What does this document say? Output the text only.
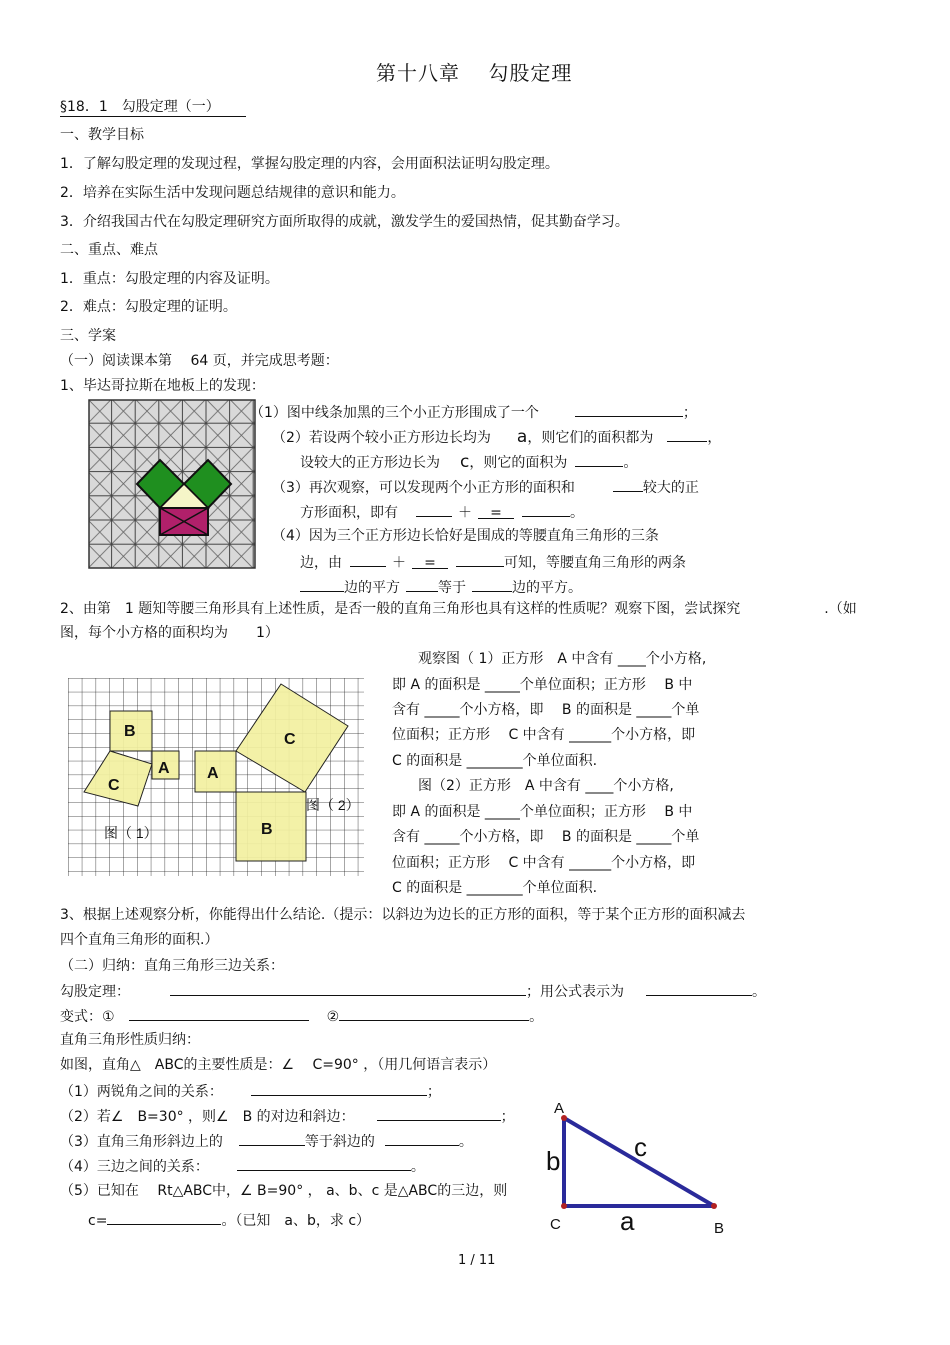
第十八章　 勾股定理
§18．1　勾股定理（一）
一、教学目标
1．了解勾股定理的发现过程，掌握勾股定理的内容，会用面积法证明勾股定理。
2．培养在实际生活中发现问题总结规律的意识和能力。
3．介绍我国古代在勾股定理研究方面所取得的成就，激发学生的爱国热情，促其勤奋学习。
二、重点、难点
1．重点：勾股定理的内容及证明。
2．难点：勾股定理的证明。
三、学案
（一）阅读课本第　 64 页，并完成思考题：
1、毕达哥拉斯在地板上的发现：
（1）图中线条加黑的三个小正方形围成了一个	；
（2）若设两个较小正方形边长均为 a，则它们的面积都为	，
设较大的正方形边长为 c，则它的面积为	。
（3）再次观察，可以发现两个小正方形的面积和	较大的正
方形面积，即有	＋ =	。
（4）因为三个正方形边长恰好是围成的等腰直角三角形的三条
边，由	＋ =	可知，等腰直角三角形的两条
边的平方	等于	边的平方。
2、由第　1 题知等腰三角形具有上述性质，是否一般的直角三角形也具有这样的性质呢？观察下图，尝试探究　　　　　　.（如
图，每个小方格的面积均为　　1）
B
A
C
A
C
B
图（ 1）
图（ 2）
观察图（ 1）正方形　A 中含有 ____个小方格,
即 A 的面积是 _____个单位面积；正方形　 B 中
含有 _____个小方格，即　 B 的面积是 _____个单
位面积；正方形　 C 中含有 ______个小方格，即
C 的面积是 ________个单位面积.
图（2）正方形　A 中含有 ____个小方格,
即 A 的面积是 _____个单位面积；正方形　 B 中
含有 _____个小方格，即　 B 的面积是 _____个单
位面积；正方形　 C 中含有 ______个小方格，即
C 的面积是 ________个单位面积.
3、根据上述观察分析，你能得出什么结论.（提示：以斜边为边长的正方形的面积，等于某个正方形的面积减去
四个直角三角形的面积.）
（二）归纳：直角三角形三边关系：
勾股定理：	；用公式表示为	。
变式：①	②	。
直角三角形性质归纳：
如图，直角△　ABC的主要性质是：∠　 C=90° ，（用几何语言表示）
（1）两锐角之间的关系：	；
（2）若∠　B=30° ，则∠　B 的对边和斜边：	；
（3）直角三角形斜边上的	等于斜边的	。
（4）三边之间的关系：	。
（5）已知在　 Rt△ABC中，∠ B=90° ， a、b、c 是△ABC的三边，则
c=	。（已知　a、b，求 c）
A
C	B
b	c
a
1 / 11
